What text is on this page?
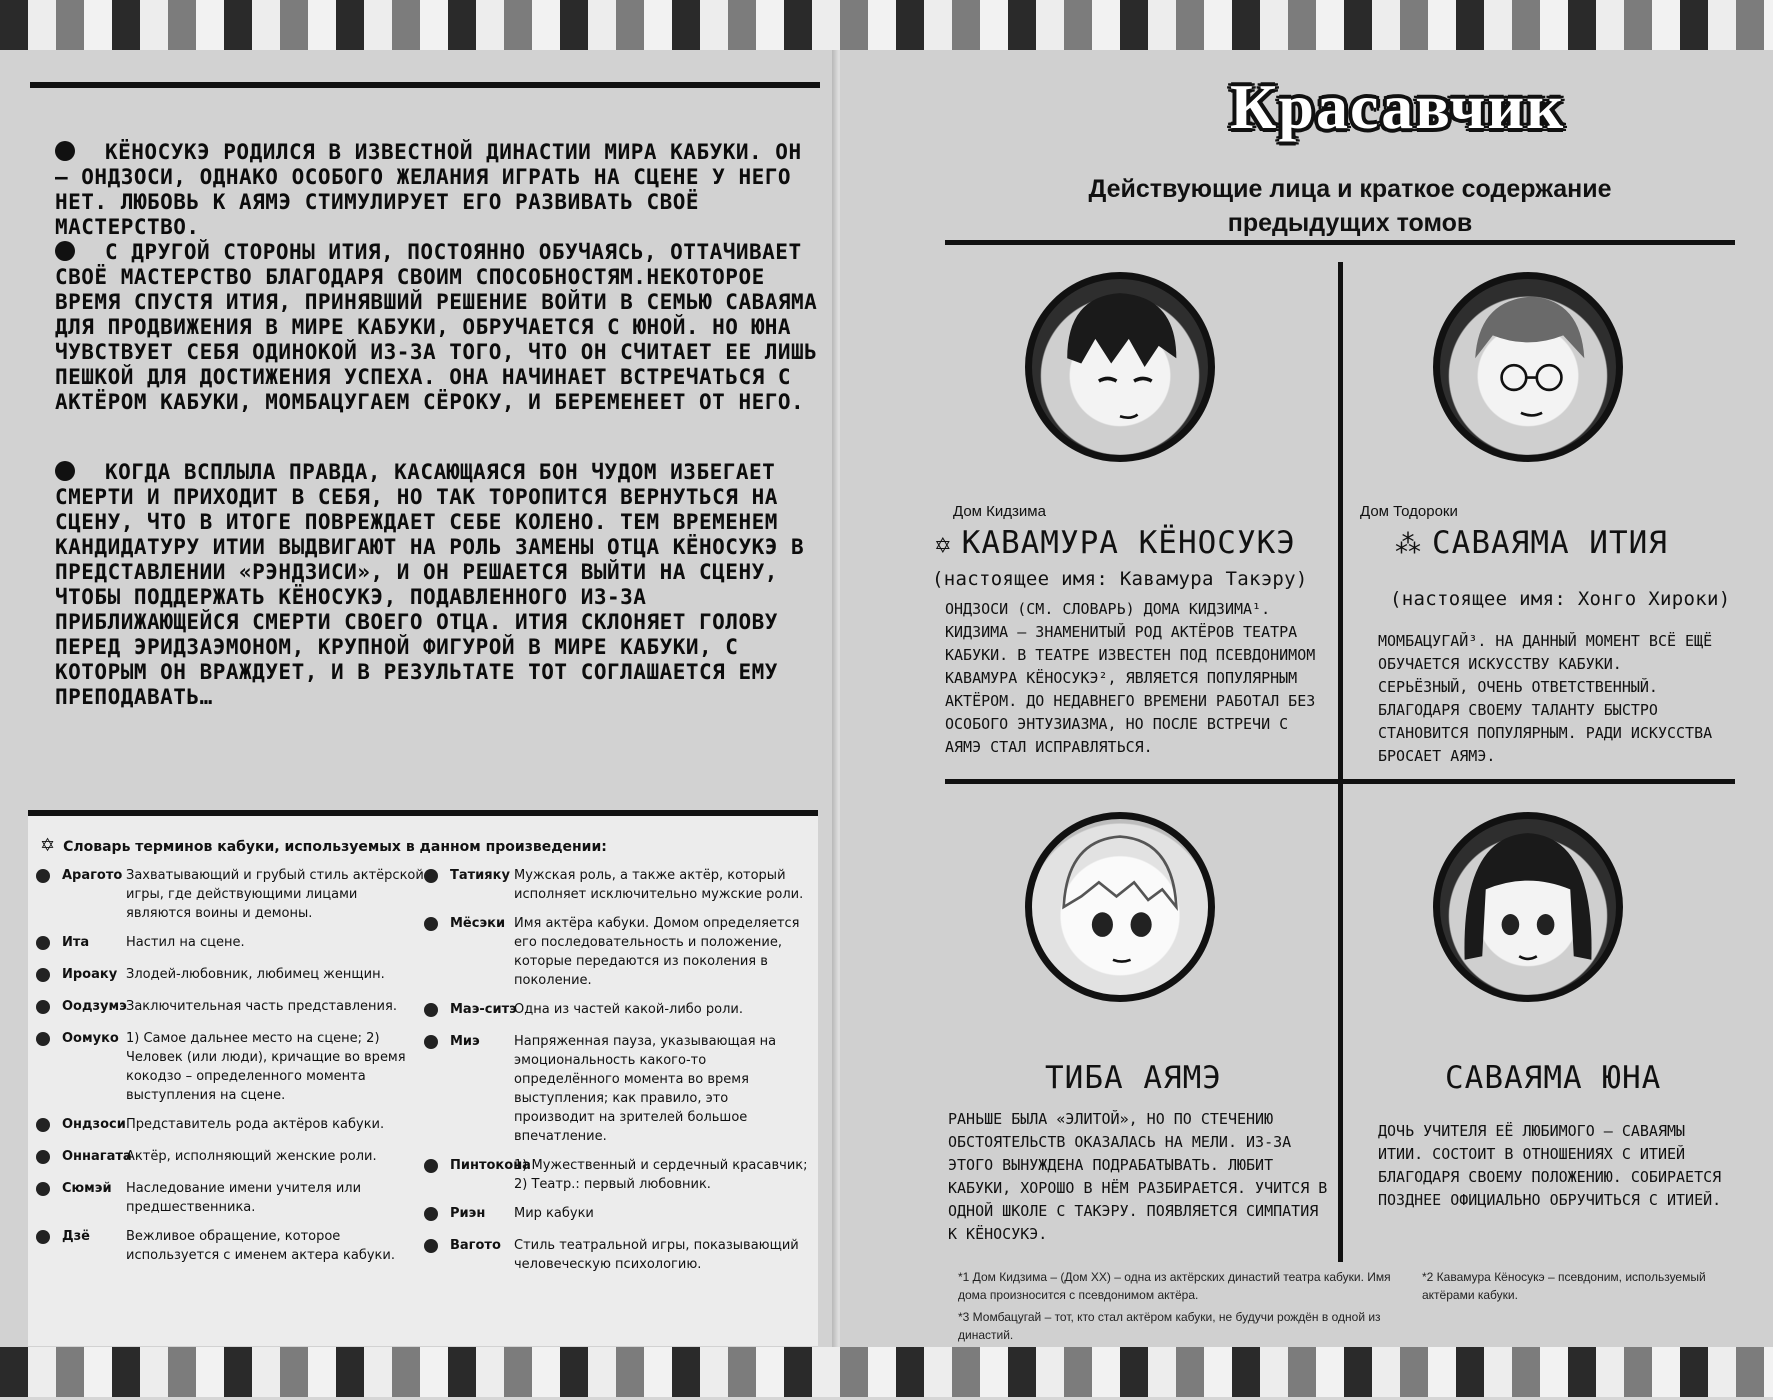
КЁНОСУКЭ РОДИЛСЯ В ИЗВЕСТНОЙ ДИНАСТИИ МИРА КАБУКИ. ОН – ОНДЗОСИ, ОДНАКО ОСОБОГО ЖЕЛАНИЯ ИГРАТЬ НА СЦЕНЕ У НЕГО НЕТ. ЛЮБОВЬ К АЯМЭ СТИМУЛИРУЕТ ЕГО РАЗВИВАТЬ СВОЁ МАСТЕРСТВО.
С ДРУГОЙ СТОРОНЫ ИТИЯ, ПОСТОЯННО ОБУЧАЯСЬ, ОТТАЧИВАЕТ СВОЁ МАСТЕРСТВО БЛАГОДАРЯ СВОИМ СПОСОБНОСТЯМ.НЕКОТОРОЕ ВРЕМЯ СПУСТЯ ИТИЯ, ПРИНЯВШИЙ РЕШЕНИЕ ВОЙТИ В СЕМЬЮ САВАЯМА ДЛЯ ПРОДВИЖЕНИЯ В МИРЕ КАБУКИ, ОБРУЧАЕТСЯ С ЮНОЙ. НО ЮНА ЧУВСТВУЕТ СЕБЯ ОДИНОКОЙ ИЗ-ЗА ТОГО, ЧТО ОН СЧИТАЕТ ЕЕ ЛИШЬ ПЕШКОЙ ДЛЯ ДОСТИЖЕНИЯ УСПЕХА. ОНА НАЧИНАЕТ ВСТРЕЧАТЬСЯ С АКТЁРОМ КАБУКИ, МОМБАЦУГАЕМ СЁРОКУ, И БЕРЕМЕНЕЕТ ОТ НЕГО.
КОГДА ВСПЛЫЛА ПРАВДА, КАСАЮЩАЯСЯ БОН ЧУДОМ ИЗБЕГАЕТ СМЕРТИ И ПРИХОДИТ В СЕБЯ, НО ТАК ТОРОПИТСЯ ВЕРНУТЬСЯ НА СЦЕНУ, ЧТО В ИТОГЕ ПОВРЕЖДАЕТ СЕБЕ КОЛЕНО. ТЕМ ВРЕМЕНЕМ КАНДИДАТУРУ ИТИИ ВЫДВИГАЮТ НА РОЛЬ ЗАМЕНЫ ОТЦА КЁНОСУКЭ В ПРЕДСТАВЛЕНИИ «РЭНДЗИСИ», И ОН РЕШАЕТСЯ ВЫЙТИ НА СЦЕНУ, ЧТОБЫ ПОДДЕРЖАТЬ КЁНОСУКЭ, ПОДАВЛЕННОГО ИЗ-ЗА ПРИБЛИЖАЮЩЕЙСЯ СМЕРТИ СВОЕГО ОТЦА. ИТИЯ СКЛОНЯЕТ ГОЛОВУ ПЕРЕД ЭРИДЗАЭМОНОМ, КРУПНОЙ ФИГУРОЙ В МИРЕ КАБУКИ, С КОТОРЫМ ОН ВРАЖДУЕТ, И В РЕЗУЛЬТАТЕ ТОТ СОГЛАШАЕТСЯ ЕМУ ПРЕПОДАВАТЬ…
✡ Словарь терминов кабуки, используемых в данном произведении:
Арагото Захватывающий и грубый стиль актёрской игры, где действующими лицами являются воины и демоны.
Ита	Настил на сцене.
Ироаку Злодей-любовник, любимец женщин.
Оодзумэ Заключительная часть представления.
Оомуко 1) Самое дальнее место на сцене; 2) Человек (или люди), кричащие во время кокодзо – определенного момента выступления на сцене.
Ондзоси Представитель рода актёров кабуки.
Оннагата
Актёр, исполняющий женские роли.
Сюмэй Наследование имени учителя или предшественника.
Дзё	Вежливое обращение, которое используется с именем актера кабуки.
Татияку Мужская роль, а также актёр, который исполняет исключительно мужские роли.
Мёсэки Имя актёра кабуки. Домом определяется его последовательность и положение, которые передаются из поколения в поколение.
Маэ-ситэ
Одна из частей какой-либо роли.
Миэ	Напряженная пауза, указывающая на эмоциональность какого-то определённого момента во время выступления; как правило, это производит на зрителей большое впечатление.
Пинтокона
1) Мужественный и сердечный красавчик; 2) Театр.: первый любовник.
Риэн Мир кабуки
Вагото Стиль театральной игры, показывающий человеческую психологию.
Красавчик
Действующие лица и краткое содержание
предыдущих томов
Дом Кидзима
✡ КАВАМУРА КЁНОСУКЭ
(настоящее имя: Кавамура Такэру)
ОНДЗОСИ (СМ. СЛОВАРЬ) ДОМА КИДЗИМА¹. КИДЗИМА – ЗНАМЕНИТЫЙ РОД АКТЁРОВ ТЕАТРА КАБУКИ. В ТЕАТРЕ ИЗВЕСТЕН ПОД ПСЕВДОНИМОМ КАВАМУРА КЁНОСУКЭ², ЯВЛЯЕТСЯ ПОПУЛЯРНЫМ АКТЁРОМ. ДО НЕДАВНЕГО ВРЕМЕНИ РАБОТАЛ БЕЗ ОСОБОГО ЭНТУЗИАЗМА, НО ПОСЛЕ ВСТРЕЧИ С АЯМЭ СТАЛ ИСПРАВЛЯТЬСЯ.
Дом Тодороки
⁂ САВАЯМА ИТИЯ
(настоящее имя: Хонго Хироки)
МОМБАЦУГАЙ³. НА ДАННЫЙ МОМЕНТ ВСЁ ЕЩЁ ОБУЧАЕТСЯ ИСКУССТВУ КАБУКИ. СЕРЬЁЗНЫЙ, ОЧЕНЬ ОТВЕТСТВЕННЫЙ. БЛАГОДАРЯ СВОЕМУ ТАЛАНТУ БЫСТРО СТАНОВИТСЯ ПОПУЛЯРНЫМ. РАДИ ИСКУССТВА БРОСАЕТ АЯМЭ.
ТИБА АЯМЭ
РАНЬШЕ БЫЛА «ЭЛИТОЙ», НО ПО СТЕЧЕНИЮ ОБСТОЯТЕЛЬСТВ ОКАЗАЛАСЬ НА МЕЛИ. ИЗ-ЗА ЭТОГО ВЫНУЖДЕНА ПОДРАБАТЫВАТЬ. ЛЮБИТ КАБУКИ, ХОРОШО В НЁМ РАЗБИРАЕТСЯ. УЧИТСЯ В ОДНОЙ ШКОЛЕ С ТАКЭРУ. ПОЯВЛЯЕТСЯ СИМПАТИЯ К КЁНОСУКЭ.
САВАЯМА ЮНА
ДОЧЬ УЧИТЕЛЯ ЕЁ ЛЮБИМОГО — САВАЯМЫ ИТИИ. СОСТОИТ В ОТНОШЕНИЯХ С ИТИЕЙ БЛАГОДАРЯ СВОЕМУ ПОЛОЖЕНИЮ. СОБИРАЕТСЯ ПОЗДНЕЕ ОФИЦИАЛЬНО ОБРУЧИТЬСЯ С ИТИЕЙ.
*1 Дом Кидзима – (Дом XX) – одна из актёрских династий театра кабуки. Имя дома произносится с псевдонимом актёра.
*2 Кавамура Кёносукэ – псевдоним, используемый актёрами кабуки.
*3 Момбацугай – тот, кто стал актёром кабуки, не будучи рождён в одной из династий.
